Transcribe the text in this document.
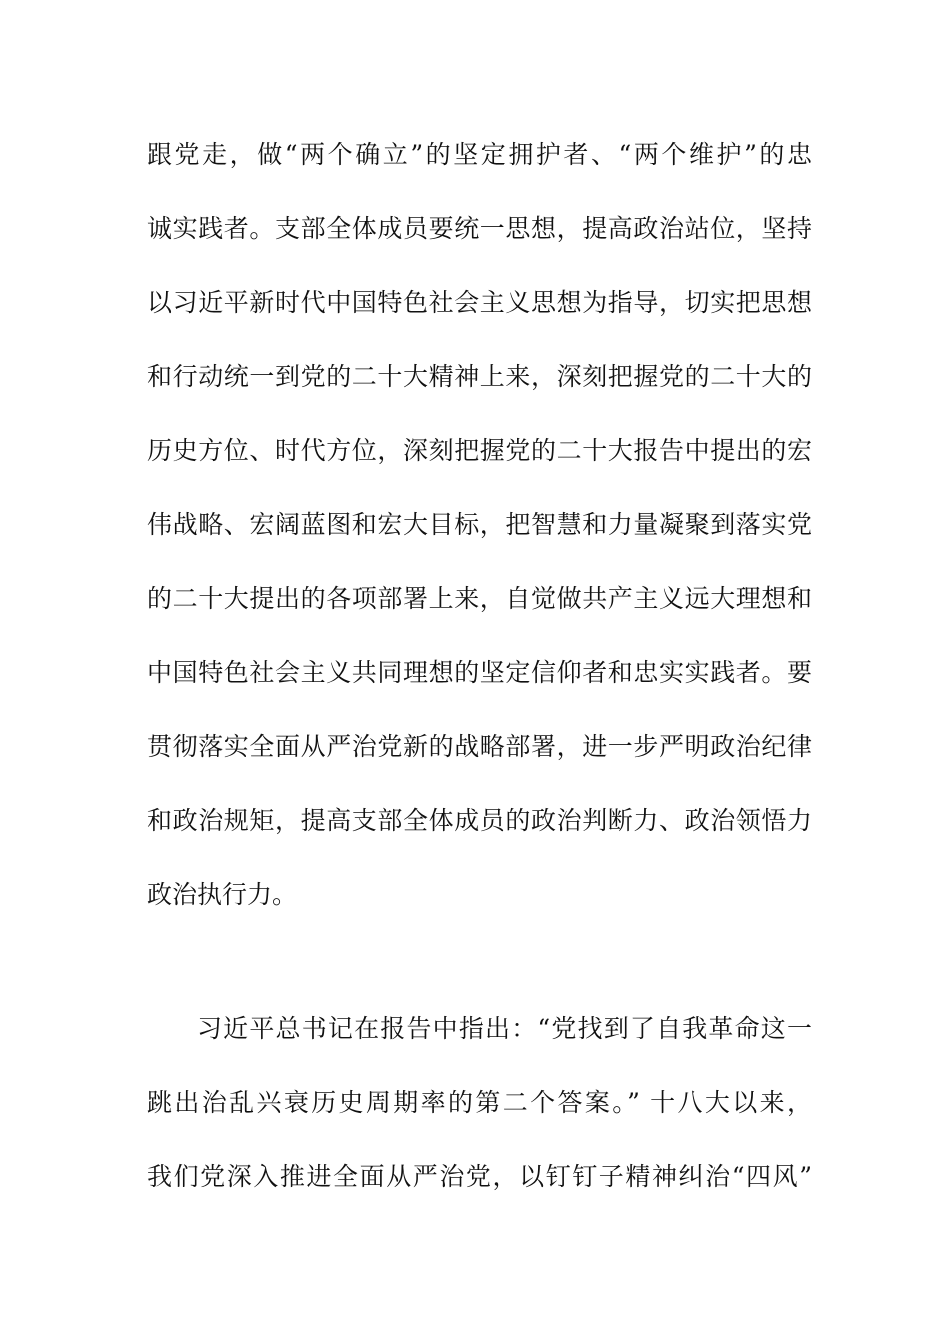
跟党走，做“两个确立”的坚定拥护者、“两个维护”的忠
诚实践者。支部全体成员要统一思想，提高政治站位，坚持
以习近平新时代中国特色社会主义思想为指导，切实把思想
和行动统一到党的二十大精神上来，深刻把握党的二十大的
历史方位、时代方位，深刻把握党的二十大报告中提出的宏
伟战略、宏阔蓝图和宏大目标，把智慧和力量凝聚到落实党
的二十大提出的各项部署上来，自觉做共产主义远大理想和
中国特色社会主义共同理想的坚定信仰者和忠实实践者。要
贯彻落实全面从严治党新的战略部署，进一步严明政治纪律
和政治规矩，提高支部全体成员的政治判断力、政治领悟力
政治执行力。
习近平总书记在报告中指出：“党找到了自我革命这一
跳出治乱兴衰历史周期率的第二个答案。” 十八大以来，
我们党深入推进全面从严治党，以钉钉子精神纠治“四风”
